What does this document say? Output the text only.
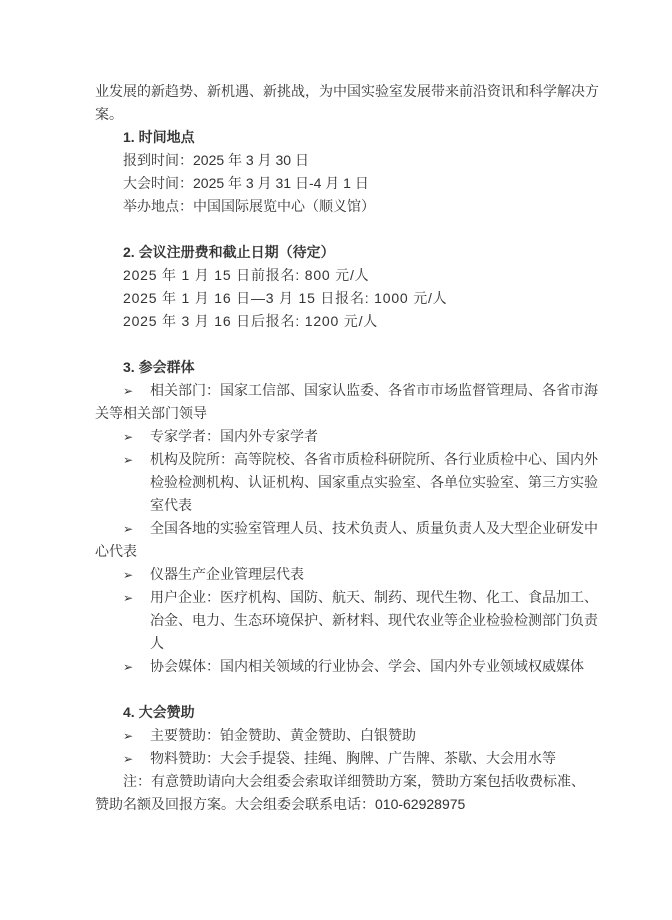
业发展的新趋势、新机遇、新挑战，为中国实验室发展带来前沿资讯和科学解决方
案。
1. 时间地点
报到时间：2025 年 3 月 30 日
大会时间：2025 年 3 月 31 日-4 月 1 日
举办地点：中国国际展览中心（顺义馆）
2. 会议注册费和截止日期（待定）
2025 年 1 月 15 日前报名: 800 元/人
2025 年 1 月 16 日—3 月 15 日报名: 1000 元/人
2025 年 3 月 16 日后报名: 1200 元/人
3. 参会群体
➢ 相关部门：国家工信部、国家认监委、各省市市场监督管理局、各省市海
关等相关部门领导
➢ 专家学者：国内外专家学者
➢ 机构及院所：高等院校、各省市质检科研院所、各行业质检中心、国内外
检验检测机构、认证机构、国家重点实验室、各单位实验室、第三方实验
室代表
➢ 全国各地的实验室管理人员、技术负责人、质量负责人及大型企业研发中
心代表
➢ 仪器生产企业管理层代表
➢ 用户企业：医疗机构、国防、航天、制药、现代生物、化工、食品加工、
冶金、电力、生态环境保护、新材料、现代农业等企业检验检测部门负责
人
➢ 协会媒体：国内相关领域的行业协会、学会、国内外专业领域权威媒体
4. 大会赞助
➢ 主要赞助：铂金赞助、黄金赞助、白银赞助
➢ 物料赞助：大会手提袋、挂绳、胸牌、广告牌、茶歇、大会用水等
注：有意赞助请向大会组委会索取详细赞助方案，赞助方案包括收费标准、
赞助名额及回报方案。大会组委会联系电话：010-62928975
